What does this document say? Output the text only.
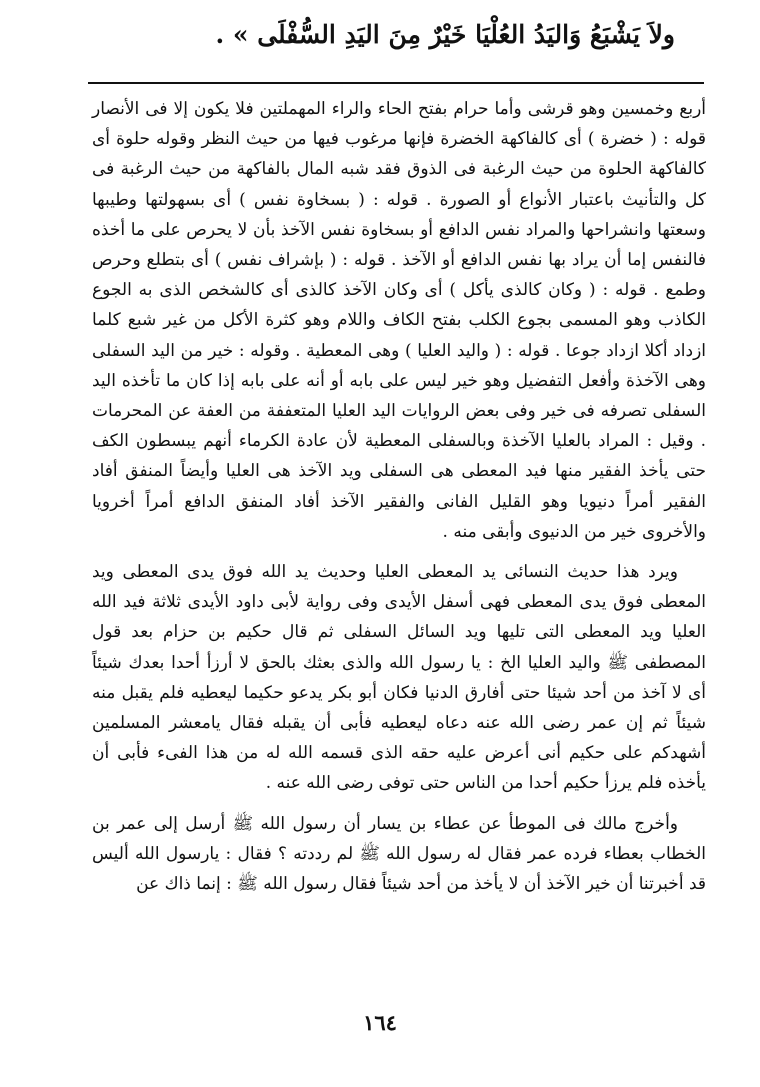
ولاَ يَشْبَعُ وَاليَدُ العُلْيَا خَيْرٌ مِنَ اليَدِ السُّفْلَى » .

أربع وخمسين وهو قرشى وأما حرام بفتح الحاء والراء المهملتين فلا يكون إلا فى الأنصار قوله : ( خضرة ) أى كالفاكهة الخضرة فإنها مرغوب فيها من حيث النظر وقوله حلوة أى كالفاكهة الحلوة من حيث الرغبة فى الذوق فقد شبه المال بالفاكهة من حيث الرغبة فى كل والتأنيث باعتبار الأنواع أو الصورة . قوله : ( بسخاوة نفس ) أى بسهولتها وطيبها وسعتها وانشراحها والمراد نفس الدافع أو بسخاوة نفس الآخذ بأن لا يحرص على ما أخذه فالنفس إما أن يراد بها نفس الدافع أو الآخذ . قوله : ( بإشراف نفس ) أى بتطلع وحرص وطمع . قوله : ( وكان كالذى يأكل ) أى وكان الآخذ كالذى أى كالشخص الذى به الجوع الكاذب وهو المسمى بجوع الكلب بفتح الكاف واللام وهو كثرة الأكل من غير شبع كلما ازداد أكلا ازداد جوعا . قوله : ( واليد العليا ) وهى المعطية . وقوله : خير من اليد السفلى وهى الآخذة وأفعل التفضيل وهو خير ليس على بابه أو أنه على بابه إذا كان ما تأخذه اليد السفلى تصرفه فى خير وفى بعض الروايات اليد العليا المتعففة من العفة عن المحرمات . وقيل : المراد بالعليا الآخذة وبالسفلى المعطية لأن عادة الكرماء أنهم يبسطون الكف حتى يأخذ الفقير منها فيد المعطى هى السفلى ويد الآخذ هى العليا وأيضاً المنفق أفاد الفقير أمراً دنيويا وهو القليل الفانى والفقير الآخذ أفاد المنفق الدافع أمراً أخرويا والأخروى خير من الدنيوى وأبقى منه .

ويرد هذا حديث النسائى يد المعطى العليا وحديث يد الله فوق يدى المعطى ويد المعطى فوق يدى المعطى فهى أسفل الأيدى وفى رواية لأبى داود الأيدى ثلاثة فيد الله العليا ويد المعطى التى تليها ويد السائل السفلى ثم قال حكيم بن حزام بعد قول المصطفى ﷺ واليد العليا الخ : يا رسول الله والذى بعثك بالحق لا أرزأ أحدا بعدك شيئاً أى لا آخذ من أحد شيئا حتى أفارق الدنيا فكان أبو بكر يدعو حكيما ليعطيه فلم يقبل منه شيئاً ثم إن عمر رضى الله عنه دعاه ليعطيه فأبى أن يقبله فقال يامعشر المسلمين أشهدكم على حكيم أنى أعرض عليه حقه الذى قسمه الله له من هذا الفىء فأبى أن يأخذه فلم يرزأ حكيم أحدا من الناس حتى توفى رضى الله عنه .

وأخرج مالك فى الموطأ عن عطاء بن يسار أن رسول الله ﷺ أرسل إلى عمر بن الخطاب بعطاء فرده عمر فقال له رسول الله ﷺ لم رددته ؟ فقال : يارسول الله أليس قد أخبرتنا أن خير الآخذ أن لا يأخذ من أحد شيئاً فقال رسول الله ﷺ : إنما ذاك عن

١٦٤
